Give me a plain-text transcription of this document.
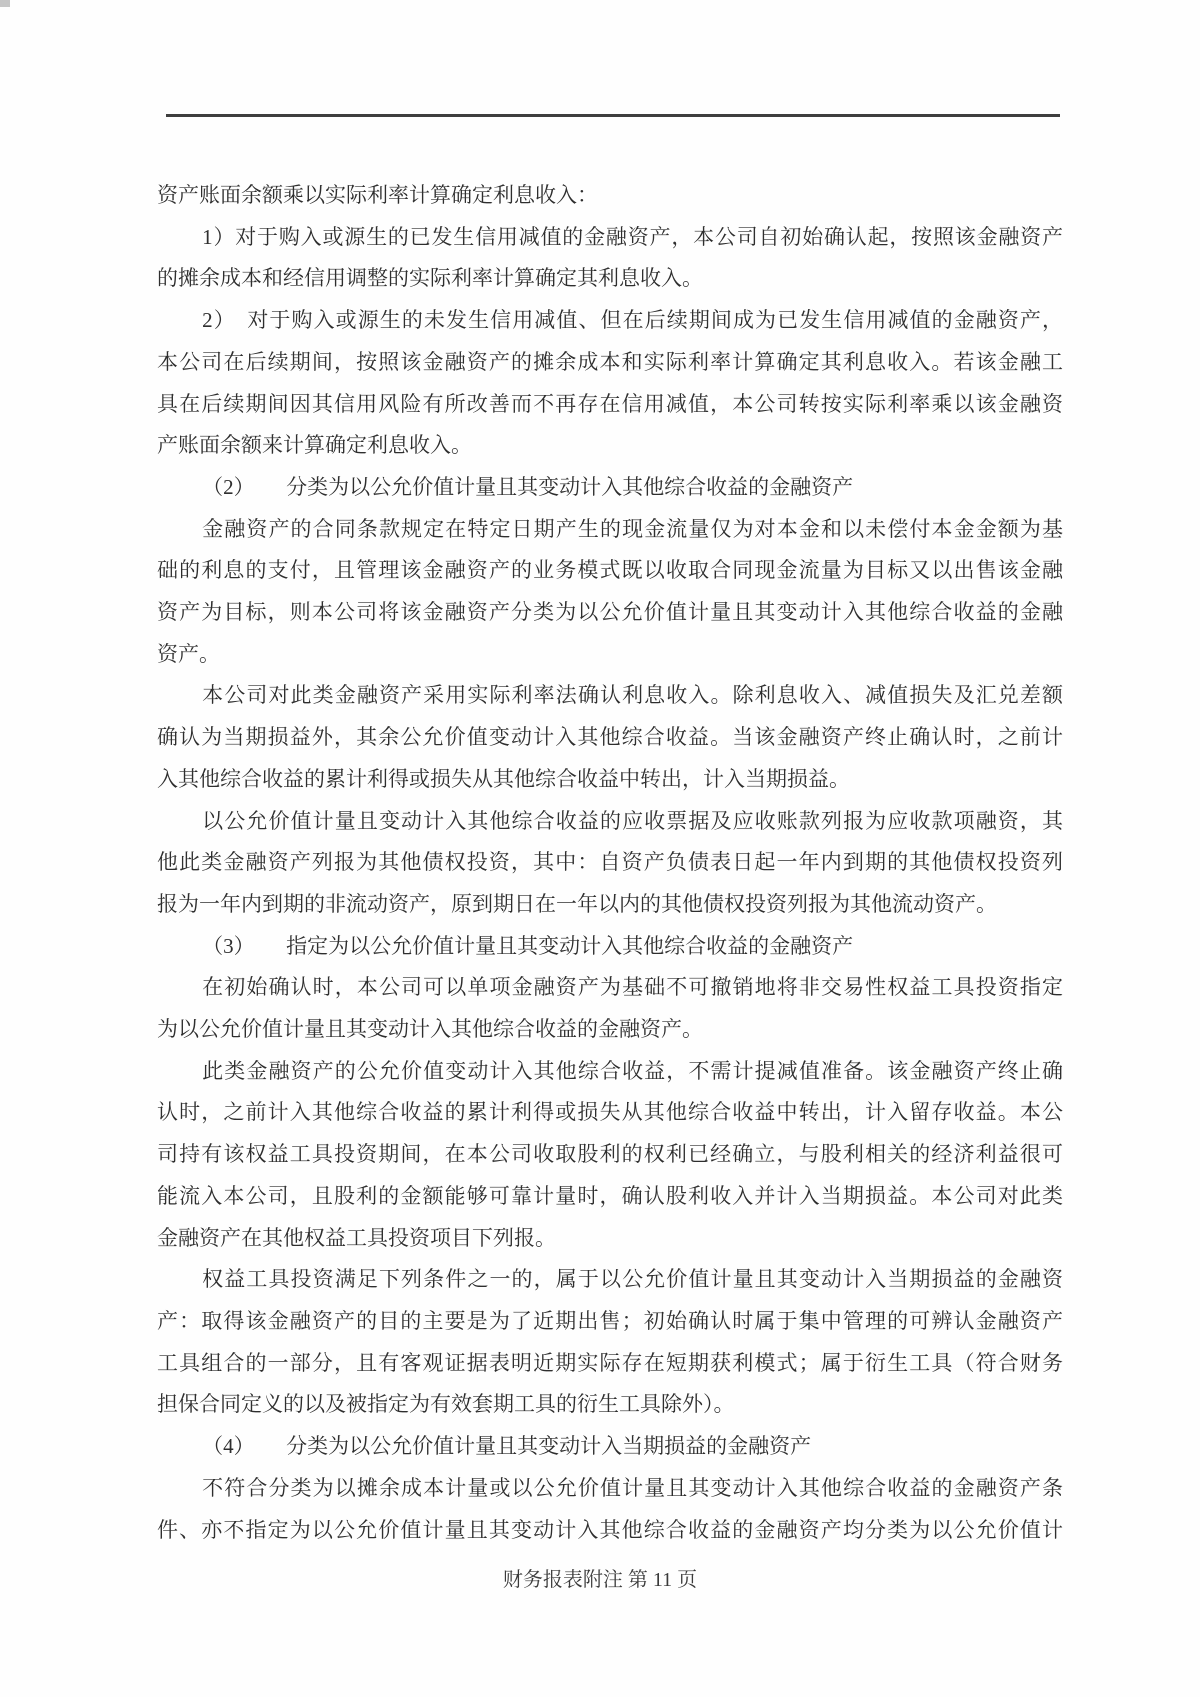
资产账面余额乘以实际利率计算确定利息收入：
1）对于购入或源生的已发生信用减值的金融资产，本公司自初始确认起，按照该金融资产
的摊余成本和经信用调整的实际利率计算确定其利息收入。
2）　对于购入或源生的未发生信用减值、但在后续期间成为已发生信用减值的金融资产，
本公司在后续期间，按照该金融资产的摊余成本和实际利率计算确定其利息收入。若该金融工
具在后续期间因其信用风险有所改善而不再存在信用减值，本公司转按实际利率乘以该金融资
产账面余额来计算确定利息收入。
（2）　　分类为以公允价值计量且其变动计入其他综合收益的金融资产
金融资产的合同条款规定在特定日期产生的现金流量仅为对本金和以未偿付本金金额为基
础的利息的支付，且管理该金融资产的业务模式既以收取合同现金流量为目标又以出售该金融
资产为目标，则本公司将该金融资产分类为以公允价值计量且其变动计入其他综合收益的金融
资产。
本公司对此类金融资产采用实际利率法确认利息收入。除利息收入、减值损失及汇兑差额
确认为当期损益外，其余公允价值变动计入其他综合收益。当该金融资产终止确认时，之前计
入其他综合收益的累计利得或损失从其他综合收益中转出，计入当期损益。
以公允价值计量且变动计入其他综合收益的应收票据及应收账款列报为应收款项融资，其
他此类金融资产列报为其他债权投资，其中：自资产负债表日起一年内到期的其他债权投资列
报为一年内到期的非流动资产，原到期日在一年以内的其他债权投资列报为其他流动资产。
（3）　　指定为以公允价值计量且其变动计入其他综合收益的金融资产
在初始确认时，本公司可以单项金融资产为基础不可撤销地将非交易性权益工具投资指定
为以公允价值计量且其变动计入其他综合收益的金融资产。
此类金融资产的公允价值变动计入其他综合收益，不需计提减值准备。该金融资产终止确
认时，之前计入其他综合收益的累计利得或损失从其他综合收益中转出，计入留存收益。本公
司持有该权益工具投资期间，在本公司收取股利的权利已经确立，与股利相关的经济利益很可
能流入本公司，且股利的金额能够可靠计量时，确认股利收入并计入当期损益。本公司对此类
金融资产在其他权益工具投资项目下列报。
权益工具投资满足下列条件之一的，属于以公允价值计量且其变动计入当期损益的金融资
产：取得该金融资产的目的主要是为了近期出售；初始确认时属于集中管理的可辨认金融资产
工具组合的一部分，且有客观证据表明近期实际存在短期获利模式；属于衍生工具（符合财务
担保合同定义的以及被指定为有效套期工具的衍生工具除外）。
（4）　　分类为以公允价值计量且其变动计入当期损益的金融资产
不符合分类为以摊余成本计量或以公允价值计量且其变动计入其他综合收益的金融资产条
件、亦不指定为以公允价值计量且其变动计入其他综合收益的金融资产均分类为以公允价值计
财务报表附注 第 11 页
